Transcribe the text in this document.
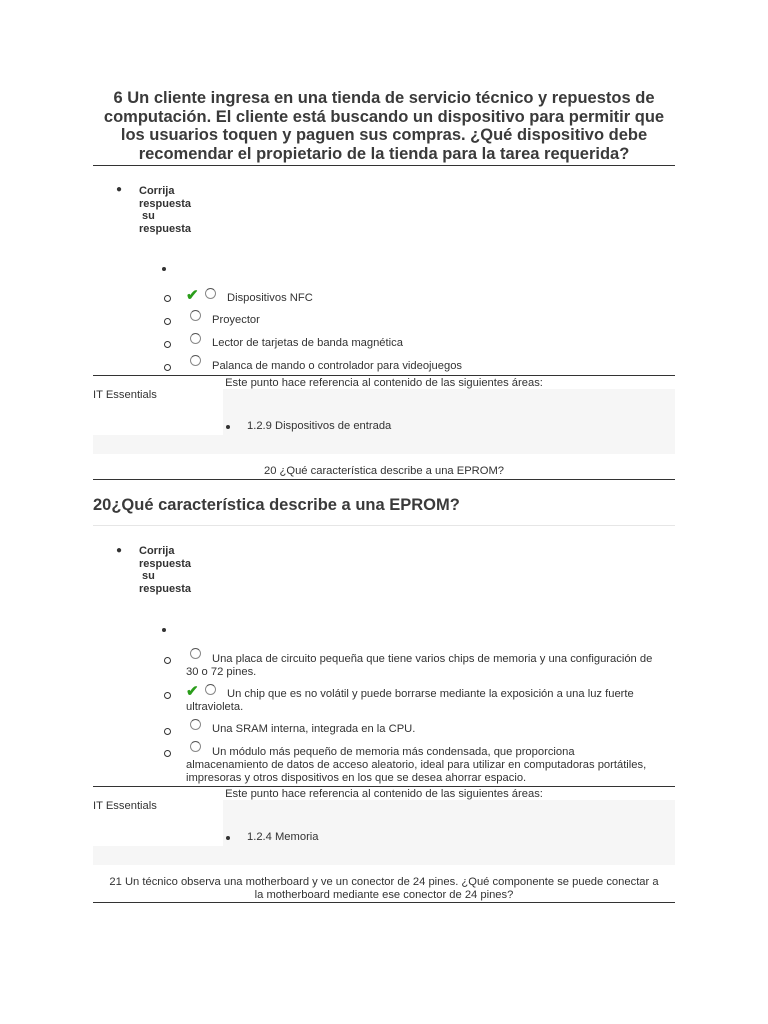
6 Un cliente ingresa en una tienda de servicio técnico y repuestos de computación. El cliente está buscando un dispositivo para permitir que los usuarios toquen y paguen sus compras. ¿Qué dispositivo debe recomendar el propietario de la tienda para la tarea requerida?
● Corrija
respuesta
su
respuesta
✔	Dispositivos NFC
Proyector
Lector de tarjetas de banda magnética
Palanca de mando o controlador para videojuegos
Este punto hace referencia al contenido de las siguientes áreas:
IT Essentials
1.2.9 Dispositivos de entrada
20 ¿Qué característica describe a una EPROM?
20¿Qué característica describe a una EPROM?
● Corrija
respuesta
su
respuesta
Una placa de circuito pequeña que tiene varios chips de memoria y una configuración de
30 o 72 pines.
✔	Un chip que es no volátil y puede borrarse mediante la exposición a una luz fuerte
ultravioleta.
Una SRAM interna, integrada en la CPU.
Un módulo más pequeño de memoria más condensada, que proporciona
almacenamiento de datos de acceso aleatorio, ideal para utilizar en computadoras portátiles,
impresoras y otros dispositivos en los que se desea ahorrar espacio.
Este punto hace referencia al contenido de las siguientes áreas:
IT Essentials
1.2.4 Memoria
21 Un técnico observa una motherboard y ve un conector de 24 pines. ¿Qué componente se puede conectar a
la motherboard mediante ese conector de 24 pines?
